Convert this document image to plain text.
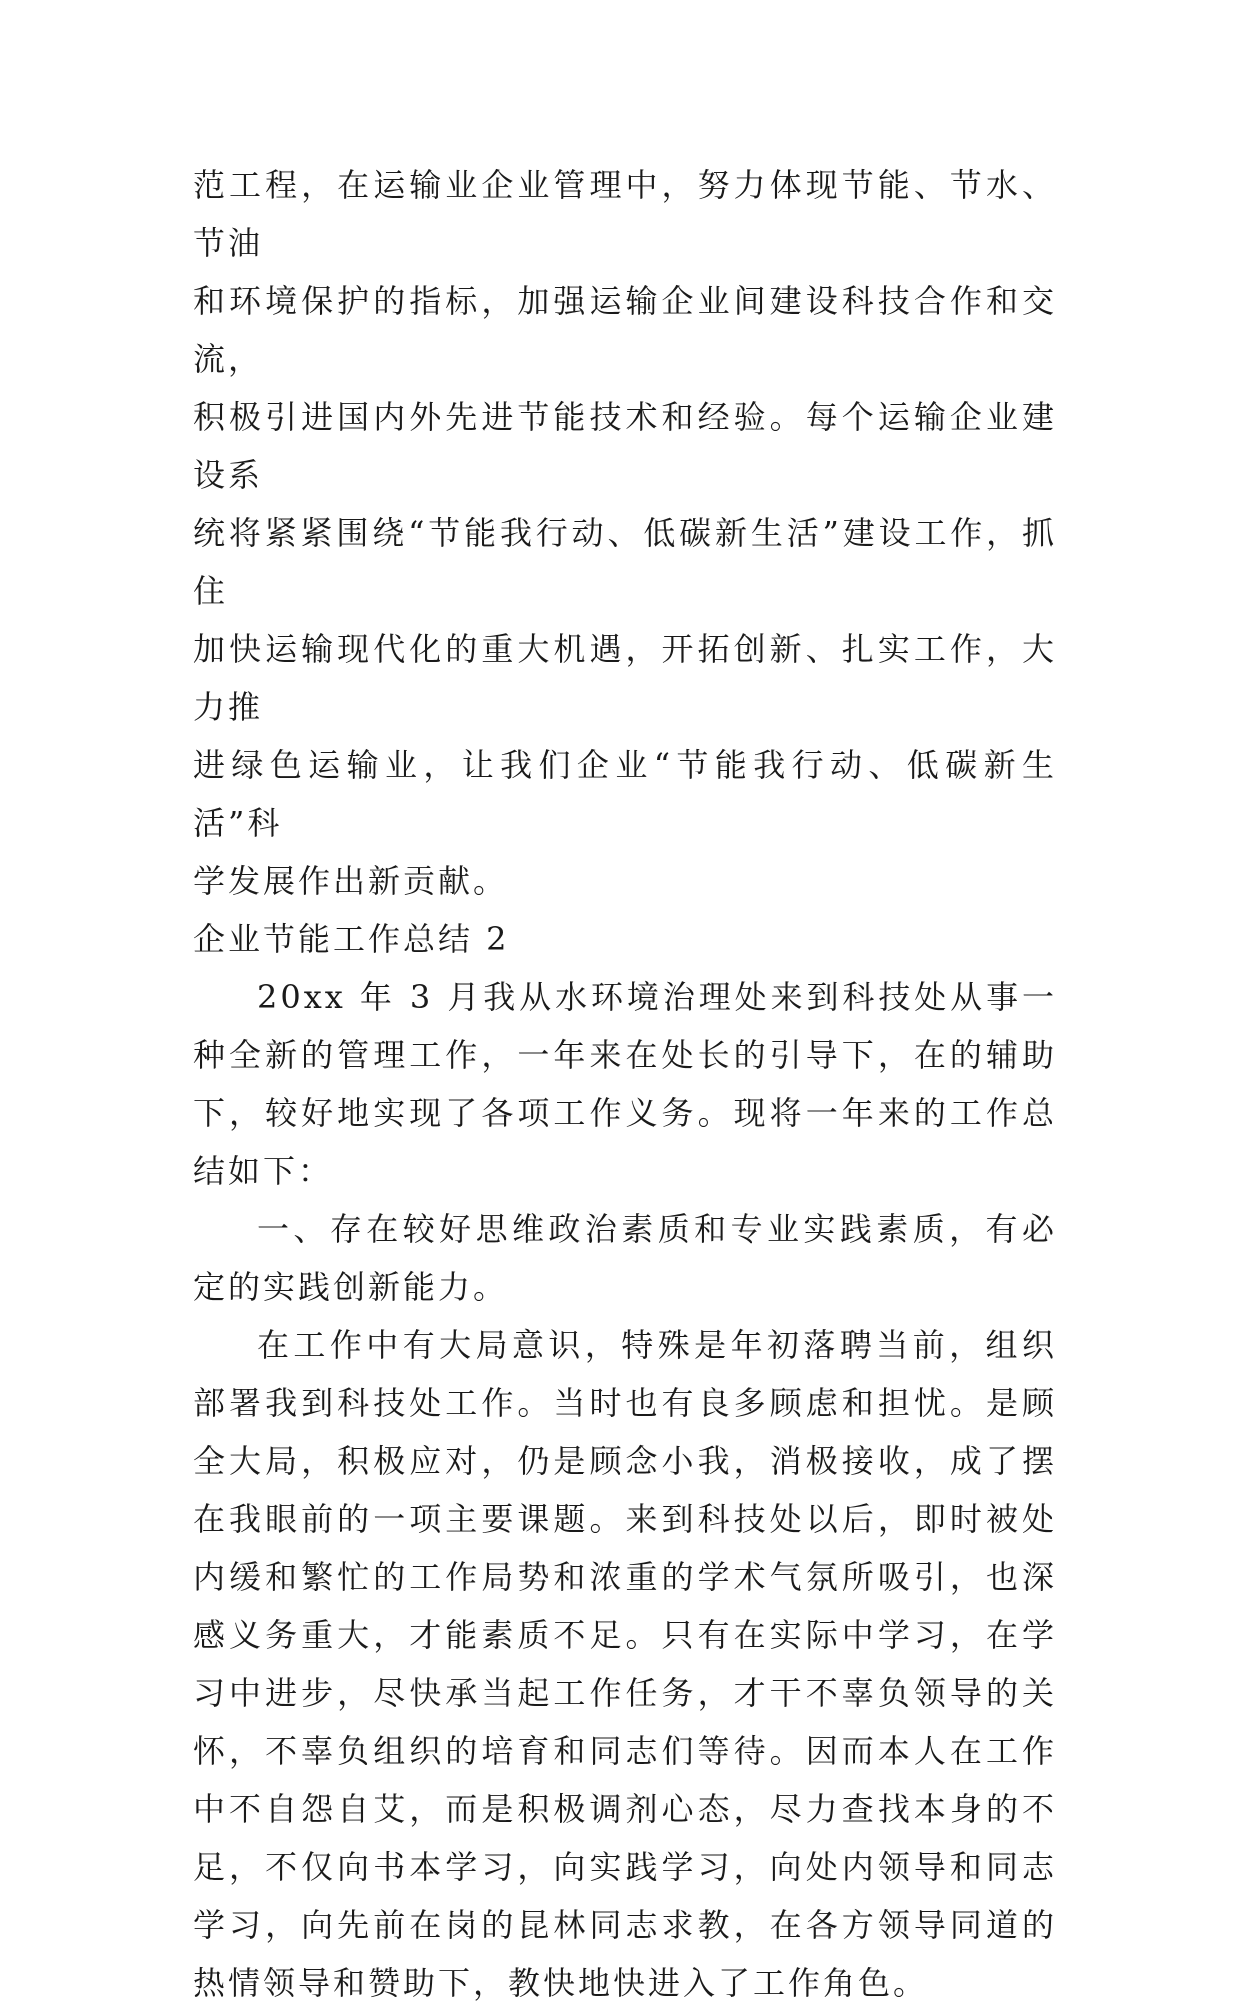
范工程，在运输业企业管理中，努力体现节能、节水、节油
和环境保护的指标，加强运输企业间建设科技合作和交流，
积极引进国内外先进节能技术和经验。每个运输企业建设系
统将紧紧围绕“节能我行动、低碳新生活”建设工作，抓住
加快运输现代化的重大机遇，开拓创新、扎实工作，大力推
进绿色运输业，让我们企业“节能我行动、低碳新生活”科
学发展作出新贡献。
企业节能工作总结 2

20xx 年 3 月我从水环境治理处来到科技处从事一种全新的管理工作，一年来在处长的引导下，在的辅助下，较好地实现了各项工作义务。现将一年来的工作总结如下：

一、存在较好思维政治素质和专业实践素质，有必定的实践创新能力。

在工作中有大局意识，特殊是年初落聘当前，组织部署我到科技处工作。当时也有良多顾虑和担忧。是顾全大局，积极应对，仍是顾念小我，消极接收，成了摆在我眼前的一项主要课题。来到科技处以后，即时被处内缓和繁忙的工作局势和浓重的学术气氛所吸引，也深感义务重大，才能素质不足。只有在实际中学习，在学习中进步，尽快承当起工作任务，才干不辜负领导的关怀，不辜负组织的培育和同志们等待。因而本人在工作中不自怨自艾，而是积极调剂心态，尽力查找本身的不足，不仅向书本学习，向实践学习，向处内领导和同志学习，向先前在岗的昆林同志求教，在各方领导同道的热情领导和赞助下，教快地快进入了工作角色。
